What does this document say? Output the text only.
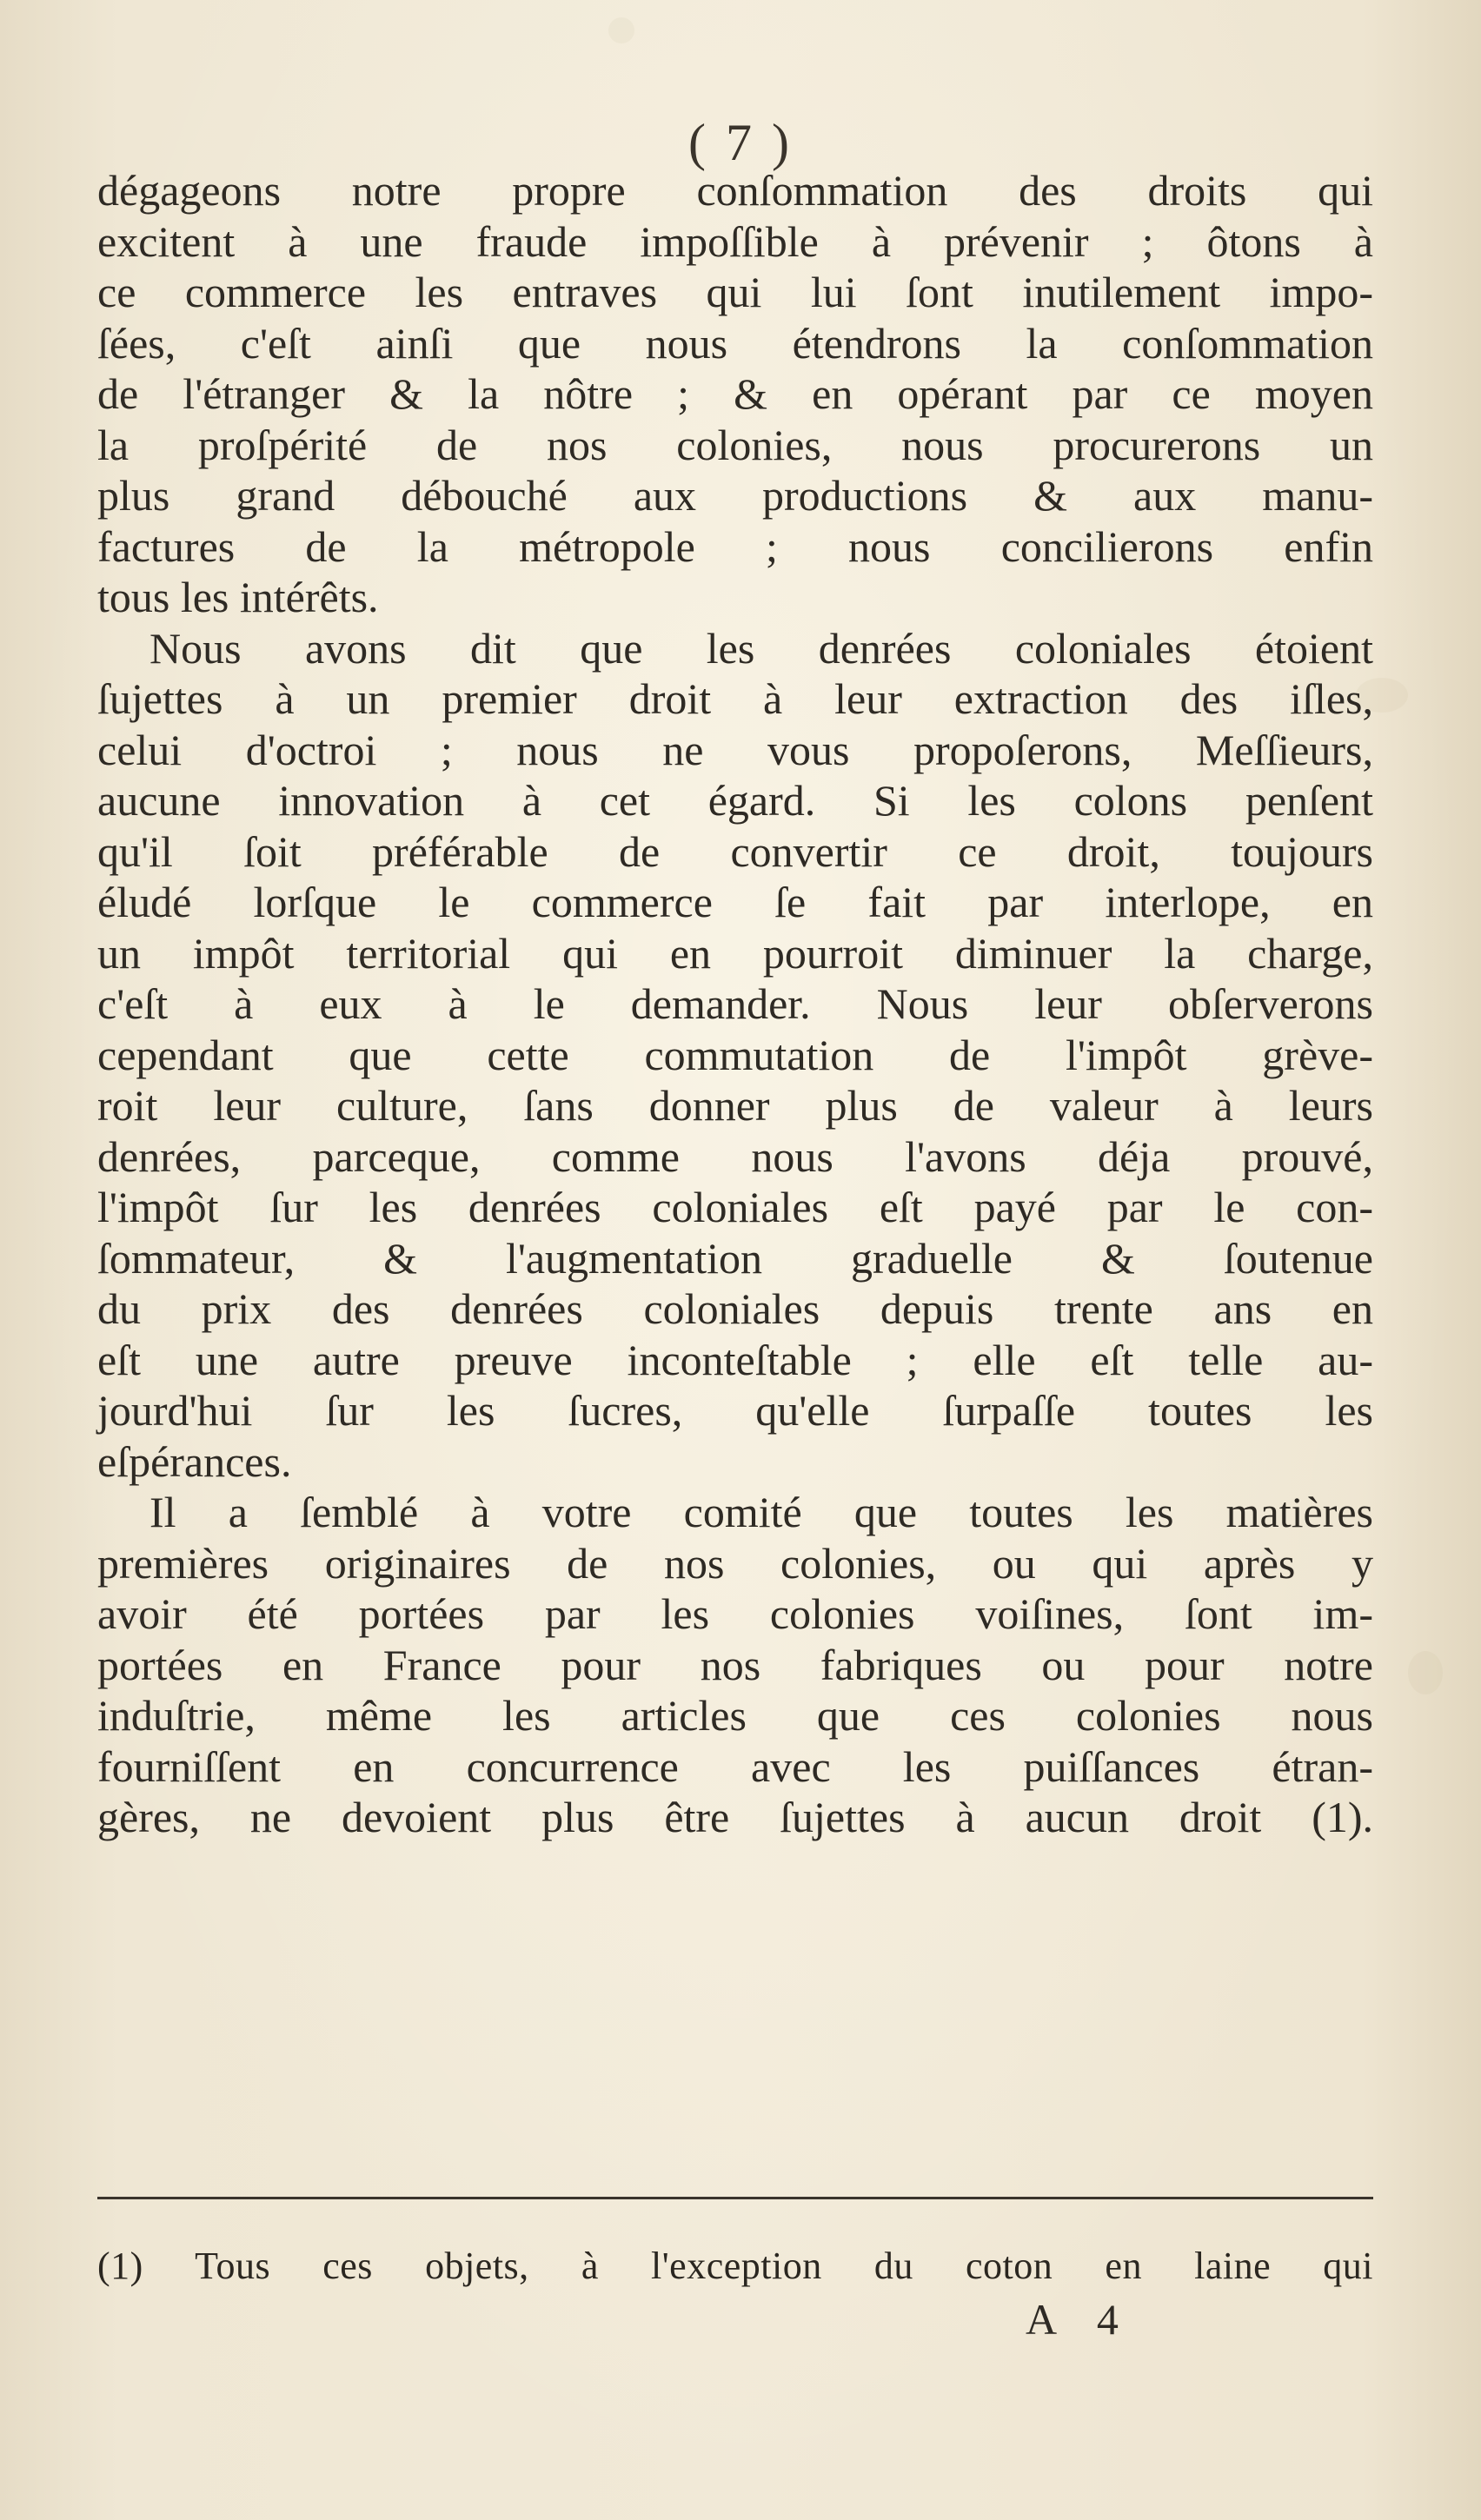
( 7 )
dégageons notre propre conſommation des droits qui
excitent à une fraude impoſſible à prévenir ; ôtons à
ce commerce les entraves qui lui ſont inutilement impo-
ſées, c'eſt ainſi que nous étendrons la conſommation
de l'étranger & la nôtre ; & en opérant par ce moyen
la proſpérité de nos colonies, nous procurerons un
plus grand débouché aux productions & aux manu-
factures de la métropole ; nous concilierons enfin
tous les intérêts.
Nous avons dit que les denrées coloniales étoient
ſujettes à un premier droit à leur extraction des iſles,
celui d'octroi ; nous ne vous propoſerons, Meſſieurs,
aucune innovation à cet égard. Si les colons penſent
qu'il ſoit préférable de convertir ce droit, toujours
éludé lorſque le commerce ſe fait par interlope, en
un impôt territorial qui en pourroit diminuer la charge,
c'eſt à eux à le demander. Nous leur obſerverons
cependant que cette commutation de l'impôt grève-
roit leur culture, ſans donner plus de valeur à leurs
denrées, parceque, comme nous l'avons déja prouvé,
l'impôt ſur les denrées coloniales eſt payé par le con-
ſommateur, & l'augmentation graduelle & ſoutenue
du prix des denrées coloniales depuis trente ans en
eſt une autre preuve inconteſtable ; elle eſt telle au-
jourd'hui ſur les ſucres, qu'elle ſurpaſſe toutes les
eſpérances.
Il a ſemblé à votre comité que toutes les matières
premières originaires de nos colonies, ou qui après y
avoir été portées par les colonies voiſines, ſont im-
portées en France pour nos fabriques ou pour notre
induſtrie, même les articles que ces colonies nous
fourniſſent en concurrence avec les puiſſances étran-
gères, ne devoient plus être ſujettes à aucun droit (1).
(1) Tous ces objets, à l'exception du coton en laine qui
A 4
